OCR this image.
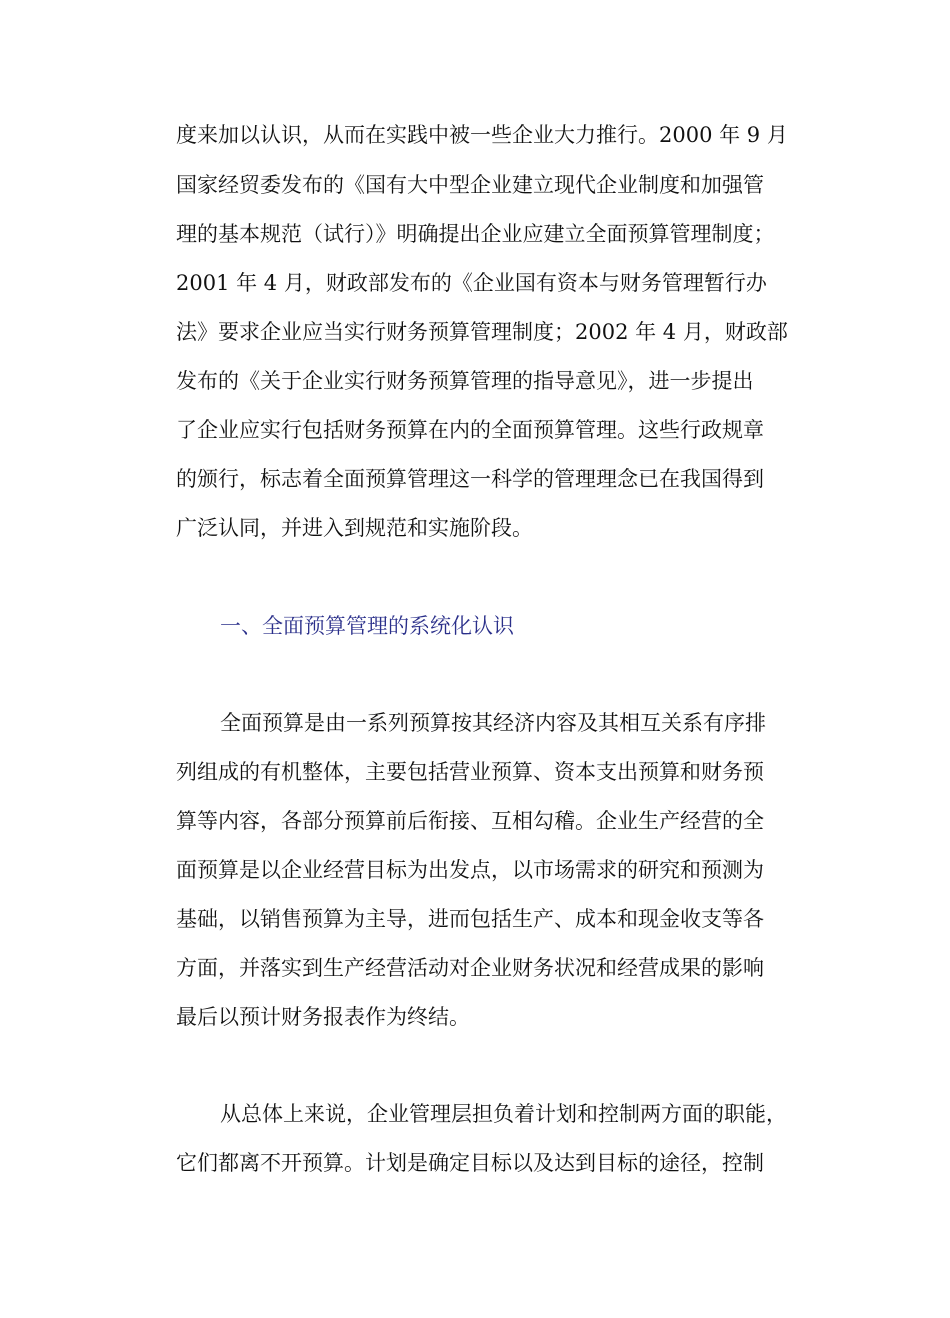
度来加以认识，从而在实践中被一些企业大力推行。2000 年 9 月
国家经贸委发布的《国有大中型企业建立现代企业制度和加强管
理的基本规范（试行）》明确提出企业应建立全面预算管理制度；
2001 年 4 月，财政部发布的《企业国有资本与财务管理暂行办
法》要求企业应当实行财务预算管理制度；2002 年 4 月，财政部
发布的《关于企业实行财务预算管理的指导意见》，进一步提出
了企业应实行包括财务预算在内的全面预算管理。这些行政规章
的颁行，标志着全面预算管理这一科学的管理理念已在我国得到
广泛认同，并进入到规范和实施阶段。
一、全面预算管理的系统化认识
全面预算是由一系列预算按其经济内容及其相互关系有序排
列组成的有机整体，主要包括营业预算、资本支出预算和财务预
算等内容，各部分预算前后衔接、互相勾稽。企业生产经营的全
面预算是以企业经营目标为出发点，以市场需求的研究和预测为
基础，以销售预算为主导，进而包括生产、成本和现金收支等各
方面，并落实到生产经营活动对企业财务状况和经营成果的影响
最后以预计财务报表作为终结。
从总体上来说，企业管理层担负着计划和控制两方面的职能，
它们都离不开预算。计划是确定目标以及达到目标的途径，控制
